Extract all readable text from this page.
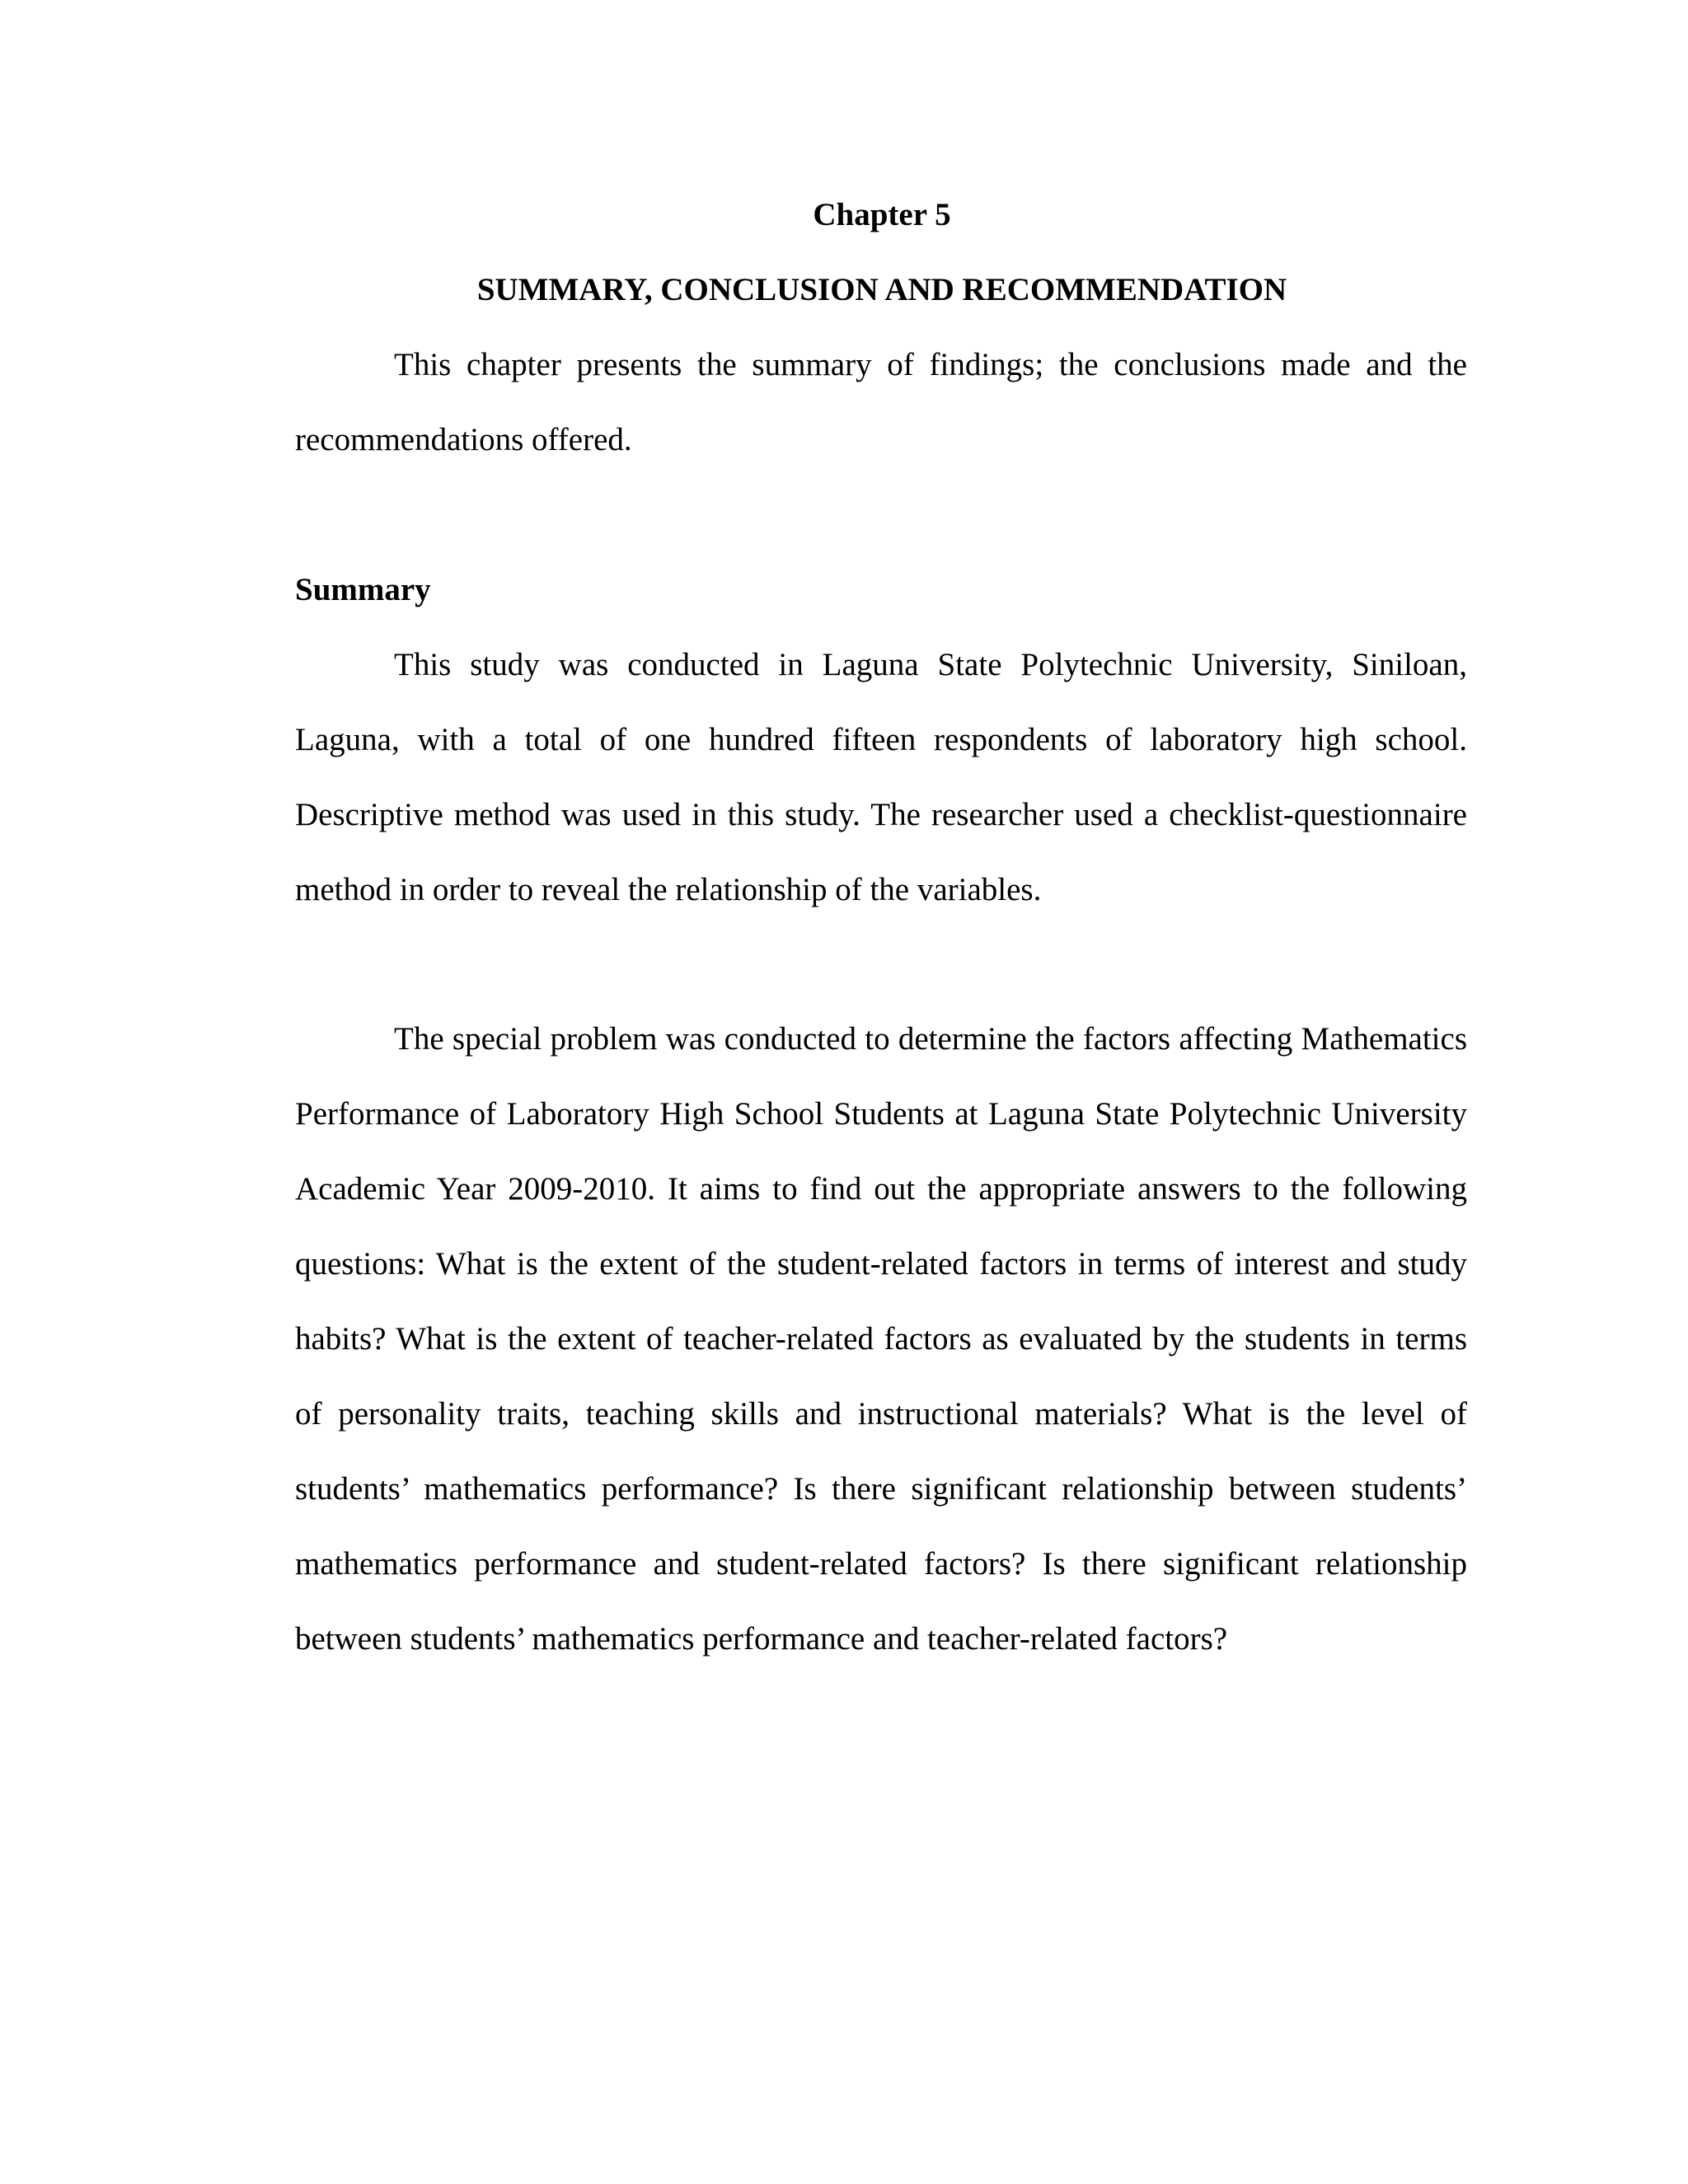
Chapter 5
SUMMARY, CONCLUSION AND RECOMMENDATION

This chapter presents the summary of findings; the conclusions made and the recommendations offered.

Summary

This study was conducted in Laguna State Polytechnic University, Siniloan, Laguna, with a total of one hundred fifteen respondents of laboratory high school. Descriptive method was used in this study. The researcher used a checklist-questionnaire method in order to reveal the relationship of the variables.

The special problem was conducted to determine the factors affecting Mathematics Performance of Laboratory High School Students at Laguna State Polytechnic University Academic Year 2009-2010. It aims to find out the appropriate answers to the following questions: What is the extent of the student-related factors in terms of interest and study habits? What is the extent of teacher-related factors as evaluated by the students in terms of personality traits, teaching skills and instructional materials? What is the level of students’ mathematics performance? Is there significant relationship between students’ mathematics performance and student-related factors? Is there significant relationship between students’ mathematics performance and teacher-related factors?
